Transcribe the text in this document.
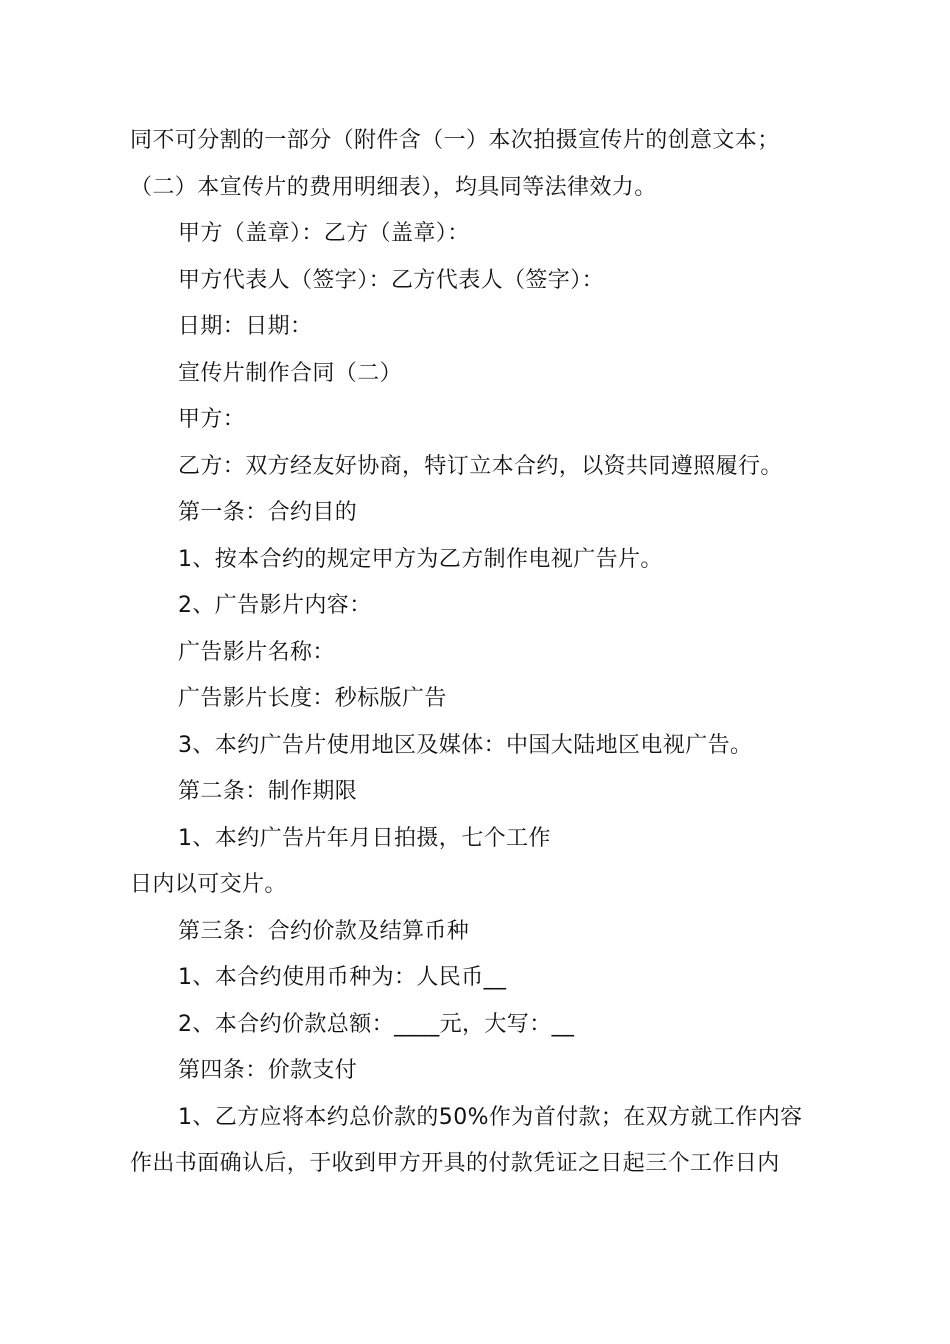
同不可分割的一部分（附件含（一）本次拍摄宣传片的创意文本；
（二）本宣传片的费用明细表），均具同等法律效力。
甲方（盖章）：乙方（盖章）：
甲方代表人（签字）：乙方代表人（签字）：
日期：日期：
宣传片制作合同（二）
甲方：
乙方：双方经友好协商，特订立本合约，以资共同遵照履行。
第一条：合约目的
1、按本合约的规定甲方为乙方制作电视广告片。
2、广告影片内容：
广告影片名称：
广告影片长度：秒标版广告
3、本约广告片使用地区及媒体：中国大陆地区电视广告。
第二条：制作期限
1、本约广告片年月日拍摄，七个工作
日内以可交片。
第三条：合约价款及结算币种
1、本合约使用币种为：人民币__
2、本合约价款总额：____元，大写：__
第四条：价款支付
1、乙方应将本约总价款的50%作为首付款；在双方就工作内容
作出书面确认后，于收到甲方开具的付款凭证之日起三个工作日内
